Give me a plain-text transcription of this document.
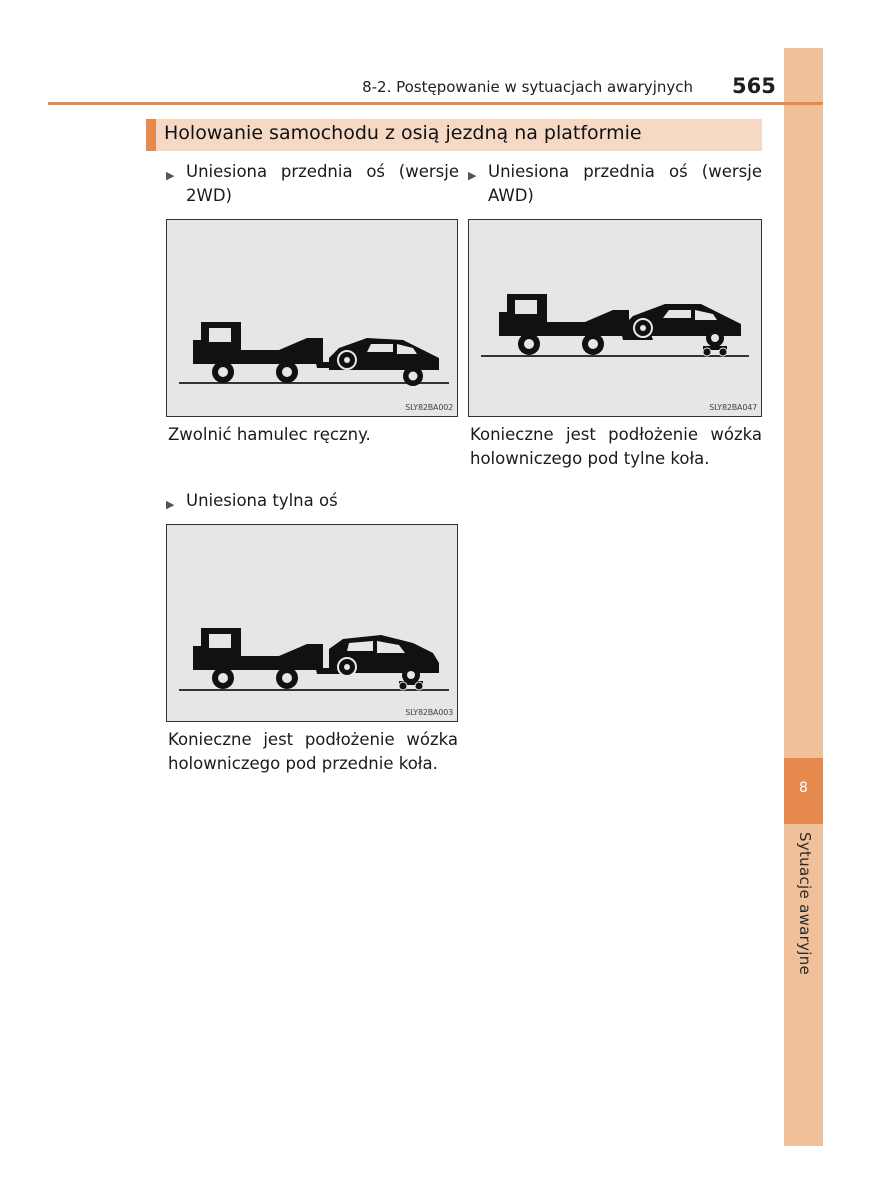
8
Sytuacje awaryjne
8-2. Postępowanie w sytuacjach awaryjnych 565
Holowanie samochodu z osią jezdną na platformie
▶ Uniesiona przednia oś (wersje 2WD)
SLY82BA002
Zwolnić hamulec ręczny.
▶ Uniesiona przednia oś (wersje AWD)
SLY82BA047
Konieczne jest podłożenie wózka holowniczego pod tylne koła.
▶ Uniesiona tylna oś
SLY82BA003
Konieczne jest podłożenie wózka holowniczego pod przednie koła.
